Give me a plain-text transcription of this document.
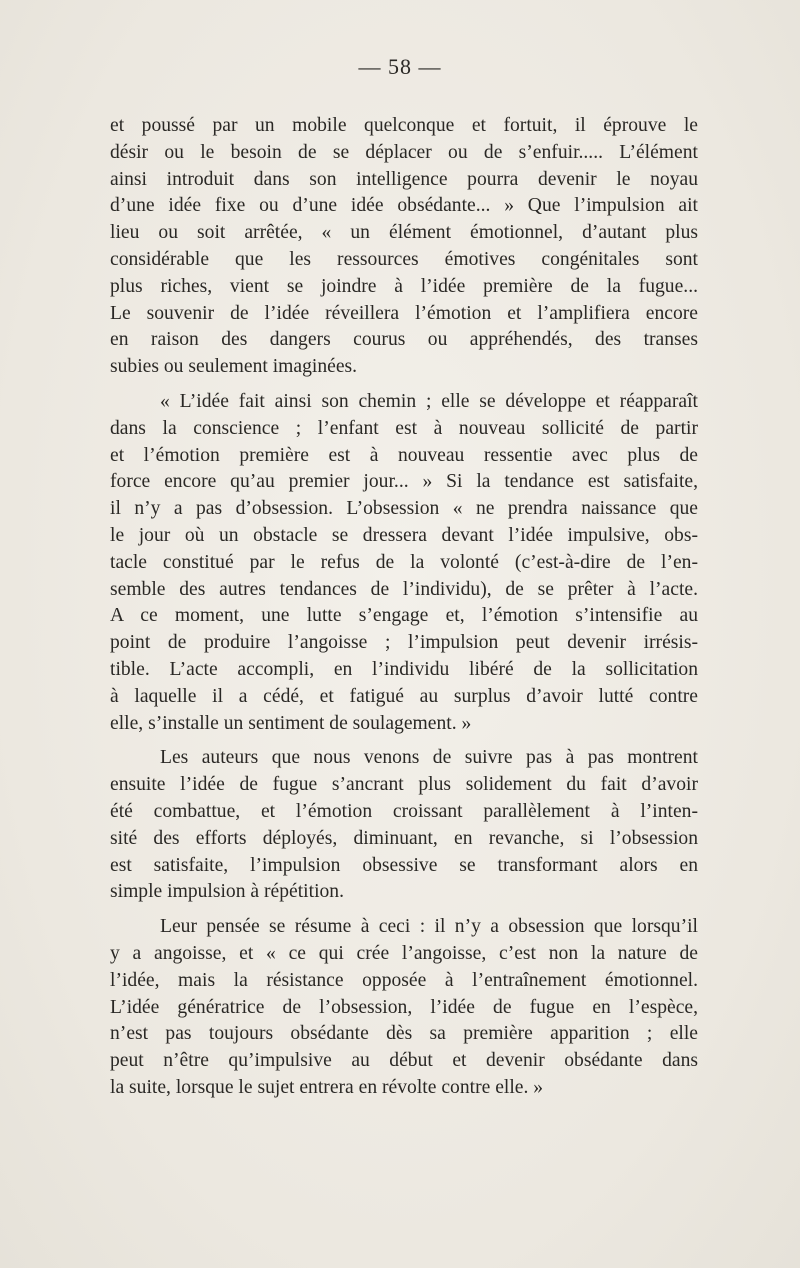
— 58 —
et poussé par un mobile quelconque et fortuit, il éprouve le
désir ou le besoin de se déplacer ou de s’enfuir..... L’élément
ainsi introduit dans son intelligence pourra devenir le noyau
d’une idée fixe ou d’une idée obsédante... » Que l’impulsion ait
lieu ou soit arrêtée, « un élément émotionnel, d’autant plus
considérable que les ressources émotives congénitales sont
plus riches, vient se joindre à l’idée première de la fugue...
Le souvenir de l’idée réveillera l’émotion et l’amplifiera encore
en raison des dangers courus ou appréhendés, des transes
subies ou seulement imaginées.
« L’idée fait ainsi son chemin ; elle se développe et réapparaît
dans la conscience ; l’enfant est à nouveau sollicité de partir
et l’émotion première est à nouveau ressentie avec plus de
force encore qu’au premier jour... » Si la tendance est satisfaite,
il n’y a pas d’obsession. L’obsession « ne prendra naissance que
le jour où un obstacle se dressera devant l’idée impulsive, obs-
tacle constitué par le refus de la volonté (c’est-à-dire de l’en-
semble des autres tendances de l’individu), de se prêter à l’acte.
A ce moment, une lutte s’engage et, l’émotion s’intensifie au
point de produire l’angoisse ; l’impulsion peut devenir irrésis-
tible. L’acte accompli, en l’individu libéré de la sollicitation
à laquelle il a cédé, et fatigué au surplus d’avoir lutté contre
elle, s’installe un sentiment de soulagement. »
Les auteurs que nous venons de suivre pas à pas montrent
ensuite l’idée de fugue s’ancrant plus solidement du fait d’avoir
été combattue, et l’émotion croissant parallèlement à l’inten-
sité des efforts déployés, diminuant, en revanche, si l’obsession
est satisfaite, l’impulsion obsessive se transformant alors en
simple impulsion à répétition.
Leur pensée se résume à ceci : il n’y a obsession que lorsqu’il
y a angoisse, et « ce qui crée l’angoisse, c’est non la nature de
l’idée, mais la résistance opposée à l’entraînement émotionnel.
L’idée génératrice de l’obsession, l’idée de fugue en l’espèce,
n’est pas toujours obsédante dès sa première apparition ; elle
peut n’être qu’impulsive au début et devenir obsédante dans
la suite, lorsque le sujet entrera en révolte contre elle. »
